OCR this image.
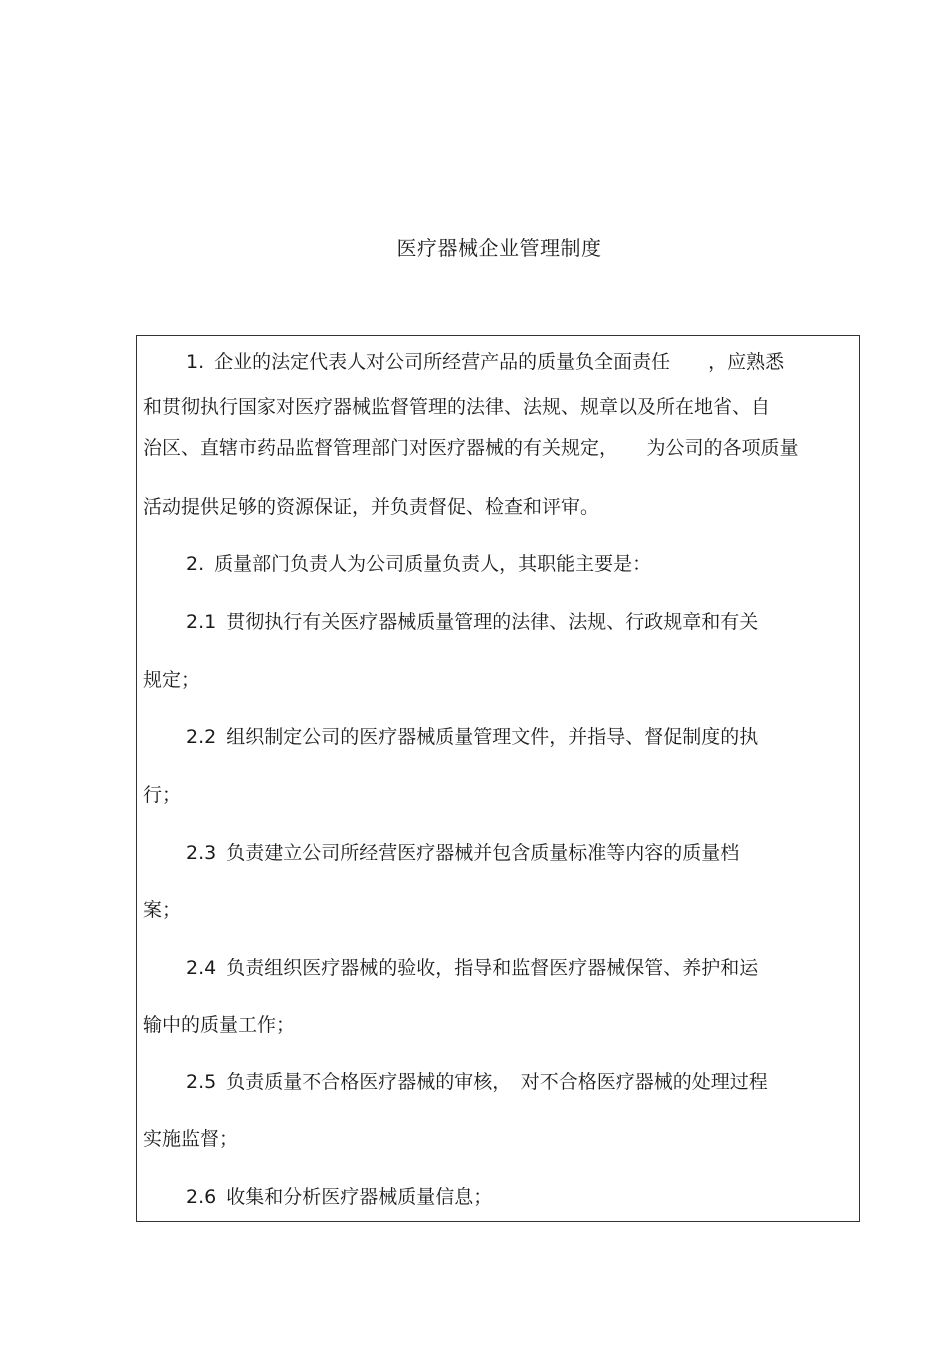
医疗器械企业管理制度
1. 企业的法定代表人对公司所经营产品的质量负全面责任　　，应熟悉
和贯彻执行国家对医疗器械监督管理的法律、法规、规章以及所在地省、自
治区、直辖市药品监督管理部门对医疗器械的有关规定，　　为公司的各项质量
活动提供足够的资源保证，并负责督促、检查和评审。
2. 质量部门负责人为公司质量负责人，其职能主要是：
2.1 贯彻执行有关医疗器械质量管理的法律、法规、行政规章和有关
规定；
2.2 组织制定公司的医疗器械质量管理文件，并指导、督促制度的执
行；
2.3 负责建立公司所经营医疗器械并包含质量标准等内容的质量档
案；
2.4 负责组织医疗器械的验收，指导和监督医疗器械保管、养护和运
输中的质量工作；
2.5 负责质量不合格医疗器械的审核，　对不合格医疗器械的处理过程
实施监督；
2.6 收集和分析医疗器械质量信息；
